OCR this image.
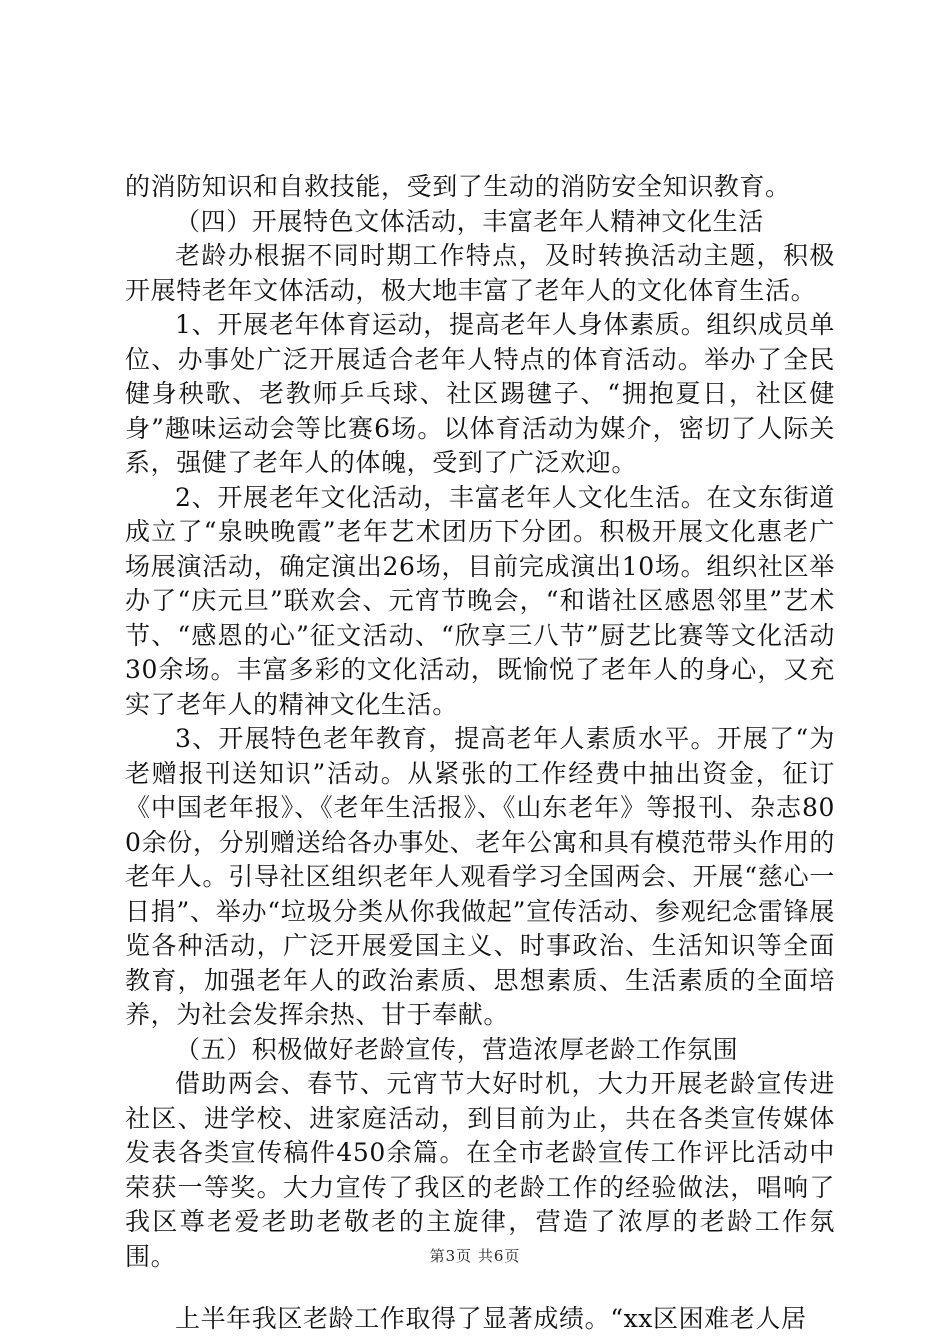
的消防知识和自救技能，受到了生动的消防安全知识教育。

（四）开展特色文体活动，丰富老年人精神文化生活

老龄办根据不同时期工作特点，及时转换活动主题，积极开展特老年文体活动，极大地丰富了老年人的文化体育生活。

1、开展老年体育运动，提高老年人身体素质。组织成员单位、办事处广泛开展适合老年人特点的体育活动。举办了全民健身秧歌、老教师乒乓球、社区踢毽子、“拥抱夏日，社区健身”趣味运动会等比赛6场。以体育活动为媒介，密切了人际关系，强健了老年人的体魄，受到了广泛欢迎。

2、开展老年文化活动，丰富老年人文化生活。在文东街道成立了“泉映晚霞”老年艺术团历下分团。积极开展文化惠老广场展演活动，确定演出26场，目前完成演出10场。组织社区举办了“庆元旦”联欢会、元宵节晚会，“和谐社区感恩邻里”艺术节、“感恩的心”征文活动、“欣享三八节”厨艺比赛等文化活动30余场。丰富多彩的文化活动，既愉悦了老年人的身心，又充实了老年人的精神文化生活。

3、开展特色老年教育，提高老年人素质水平。开展了“为老赠报刊送知识”活动。从紧张的工作经费中抽出资金，征订《中国老年报》、《老年生活报》、《山东老年》等报刊、杂志800余份，分别赠送给各办事处、老年公寓和具有模范带头作用的老年人。引导社区组织老年人观看学习全国两会、开展“慈心一日捐”、举办“垃圾分类从你我做起”宣传活动、参观纪念雷锋展览各种活动，广泛开展爱国主义、时事政治、生活知识等全面教育，加强老年人的政治素质、思想素质、生活素质的全面培养，为社会发挥余热、甘于奉献。

（五）积极做好老龄宣传，营造浓厚老龄工作氛围

借助两会、春节、元宵节大好时机，大力开展老龄宣传进社区、进学校、进家庭活动，到目前为止，共在各类宣传媒体发表各类宣传稿件450余篇。在全市老龄宣传工作评比活动中荣获一等奖。大力宣传了我区的老龄工作的经验做法，唱响了我区尊老爱老助老敬老的主旋律，营造了浓厚的老龄工作氛围。

上半年我区老龄工作取得了显著成绩。“xx区困难老人居

第3页 共6页
